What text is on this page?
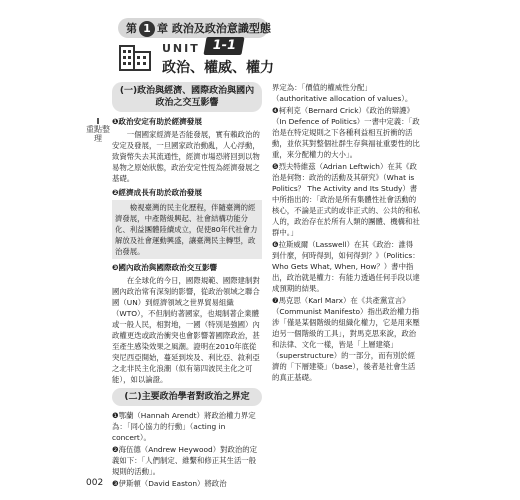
第 1 章 政治及政治意識型態
UNIT 1-1
政治、權威、權力
重點整理
(一)政治與經濟、國際政治與國內政治之交互影響
❶政治安定有助於經濟發展
一個國家經濟是否能發展，實有賴政治的安定及發展，一旦國家政治動亂，人心浮動，致資幣失去其流通性，經濟市場恐將回到以物易物之原始狀態，政治安定性恆為經濟發展之基礎。
❷經濟成長有助於政治發展
檢視臺灣的民主化歷程，伴隨臺灣的經濟發展，中產階級興起、社會結構功能分化、利益團體陸續成立，促使80年代社會力解放及社會運動興盛，讓臺灣民主轉型，政治發展。
❸國內政治與國際政治交互影響
在全球化的今日，國際規範、國際建制對國內政治常有深刻的影響，從政治領域之聯合國（UN）到經濟領域之世界貿易組織（WTO），不但制約著國家，也規制著企業體或一般人民，相對地，一國（特別是強國）內政權更迭或政治衝突也會影響著國際政治，甚至產生感染效果之風潮。證明在2010年底從突尼西亞開始，蔓延到埃及、利比亞、敘利亞之北非民主化浪潮（似有第四波民主化之可能），如以論證。
(二)主要政治學者對政治之界定
❶鄂蘭（Hannah Arendt）將政治權力界定為：「同心協力的行動」（acting in concert）。
❷海伍德（Andrew Heywood）對政治的定義如下：「人們制定、維繫和修正其生活一般規則的活動」。
❸伊斯頓（David Easton）將政治
界定為：「價值的權威性分配」（authoritative allocation of values）。
❹柯利克（Bernard Crick）《政治的辯護》（In Defence of Politics）一書中定義：「政治是在特定規則之下各種利益相互折衝的活動，並依其對整個社群生存與福祉重要性的比重，來分配權力的大小」。
❺烈夫特維茲（Adrian Leftwich）在其《政治是何物：政治的活動及其研究》（What is Politics？ The Activity and Its Study）書中所指出的：「政治是所有集體性社會活動的核心，不論是正式的或非正式的、公共的和私人的，政治存在於所有人類的團體、機構和社群中。」
❻拉斯威爾（Lasswell）在其《政治：誰得到什麼，何時得到，如何得到？》（Politics：Who Gets What, When, How？）書中指出，政治就是權力：有能力透過任何手段以達成預期的結果。
❼馬克思（Karl Marx）在《共產黨宣言》（Communist Manifesto）指出政治權力指涉「僅是某個階級的組織化權力，它是用來壓迫另一個階級的工具」，對馬克思來說，政治和法律、文化一樣，皆是「上層建築」（superstructure）的一部分，而有別於經濟的「下層建築」（base），後者是社會生活的真正基礎。
002
